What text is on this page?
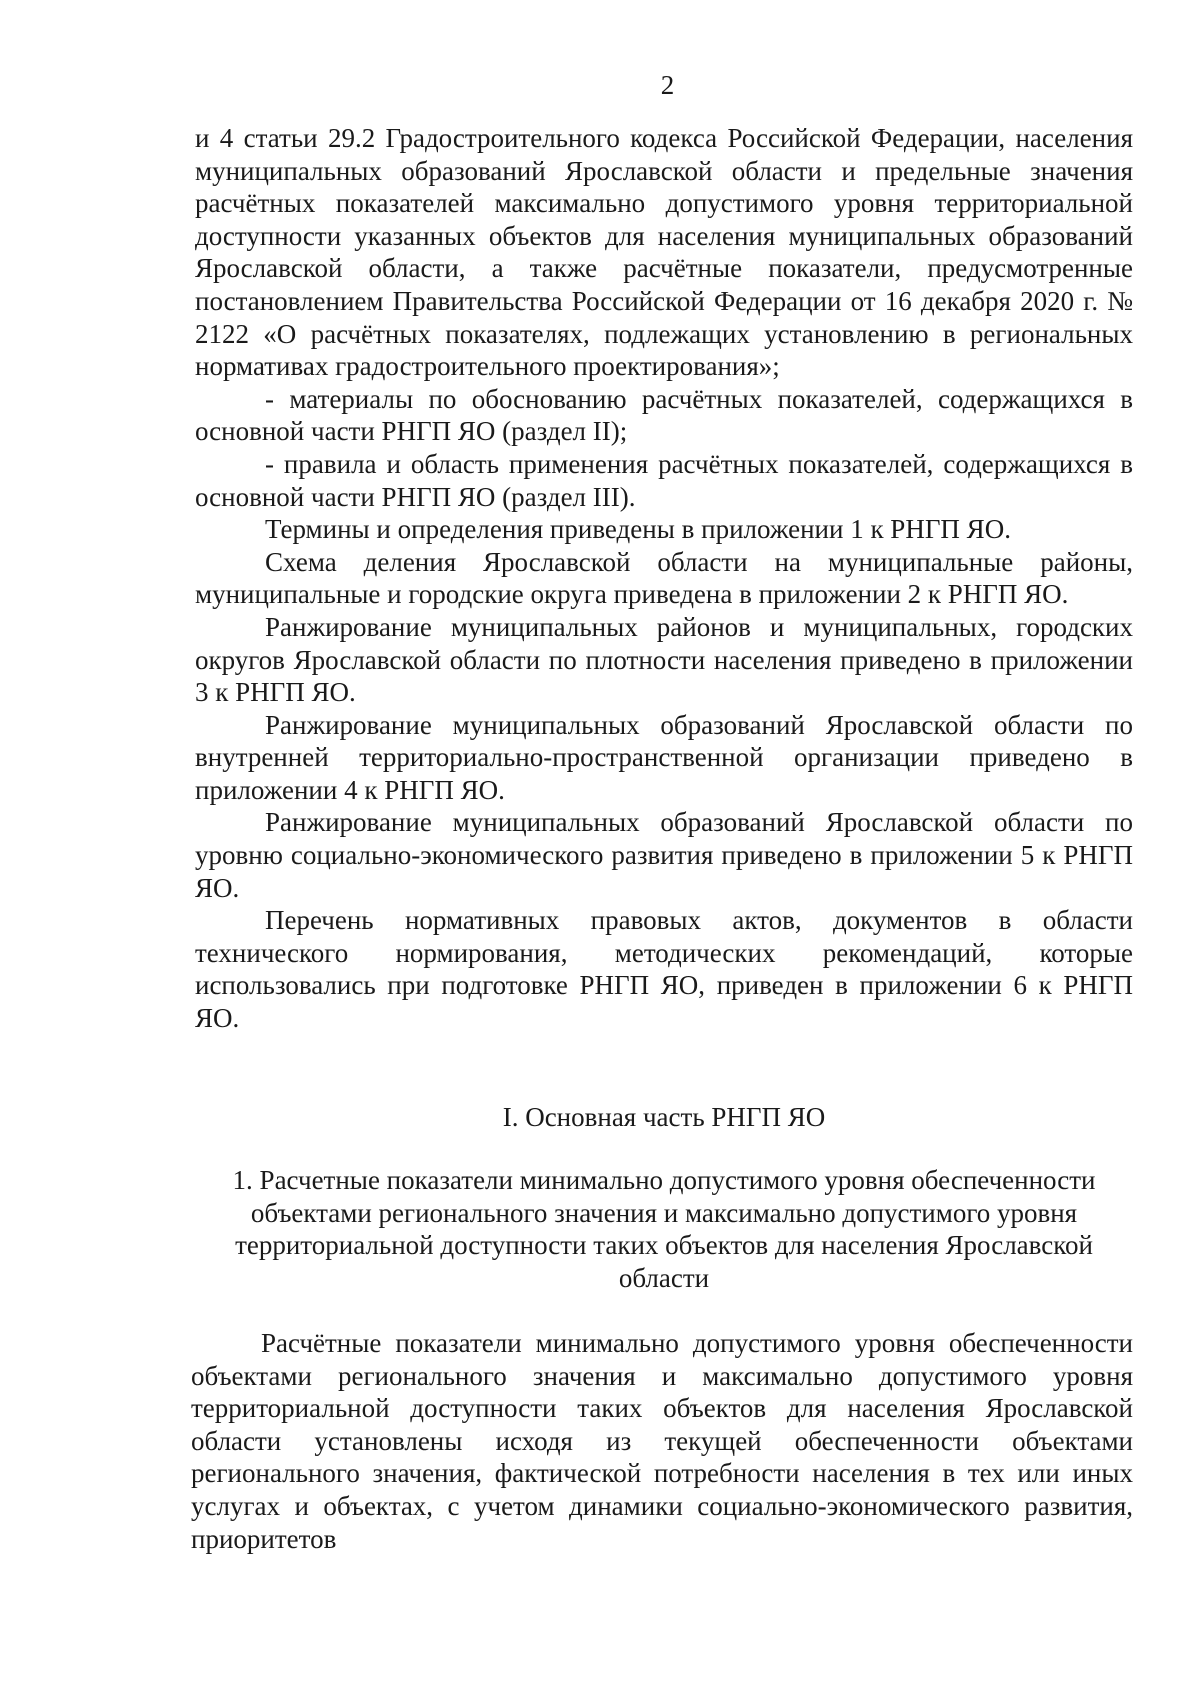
2

и 4 статьи 29.2 Градостроительного кодекса Российской Федерации, населения муниципальных образований Ярославской области и предельные значения расчётных показателей максимально допустимого уровня территориальной доступности указанных объектов для населения муниципальных образований Ярославской области, а также расчётные показатели, предусмотренные постановлением Правительства Российской Федерации от 16 декабря 2020 г. № 2122 «О расчётных показателях, подлежащих установлению в региональных нормативах градостроительного проектирования»;

- материалы по обоснованию расчётных показателей, содержащихся в основной части РНГП ЯО (раздел II);

- правила и область применения расчётных показателей, содержащихся в основной части РНГП ЯО (раздел III).

Термины и определения приведены в приложении 1 к РНГП ЯО.

Схема деления Ярославской области на муниципальные районы, муниципальные и городские округа приведена в приложении 2 к РНГП ЯО.

Ранжирование муниципальных районов и муниципальных, городских округов Ярославской области по плотности населения приведено в приложении 3 к РНГП ЯО.

Ранжирование муниципальных образований Ярославской области по внутренней территориально-пространственной организации приведено в приложении 4 к РНГП ЯО.

Ранжирование муниципальных образований Ярославской области по уровню социально-экономического развития приведено в приложении 5 к РНГП ЯО.

Перечень нормативных правовых актов, документов в области технического нормирования, методических рекомендаций, которые использовались при подготовке РНГП ЯО, приведен в приложении 6 к РНГП ЯО.

I. Основная часть РНГП ЯО
1. Расчетные показатели минимально допустимого уровня обеспеченности объектами регионального значения и максимально допустимого уровня территориальной доступности таких объектов для населения Ярославской области

Расчётные показатели минимально допустимого уровня обеспеченности объектами регионального значения и максимально допустимого уровня территориальной доступности таких объектов для населения Ярославской области установлены исходя из текущей обеспеченности объектами регионального значения, фактической потребности населения в тех или иных услугах и объектах, с учетом динамики социально-экономического развития, приоритетов
